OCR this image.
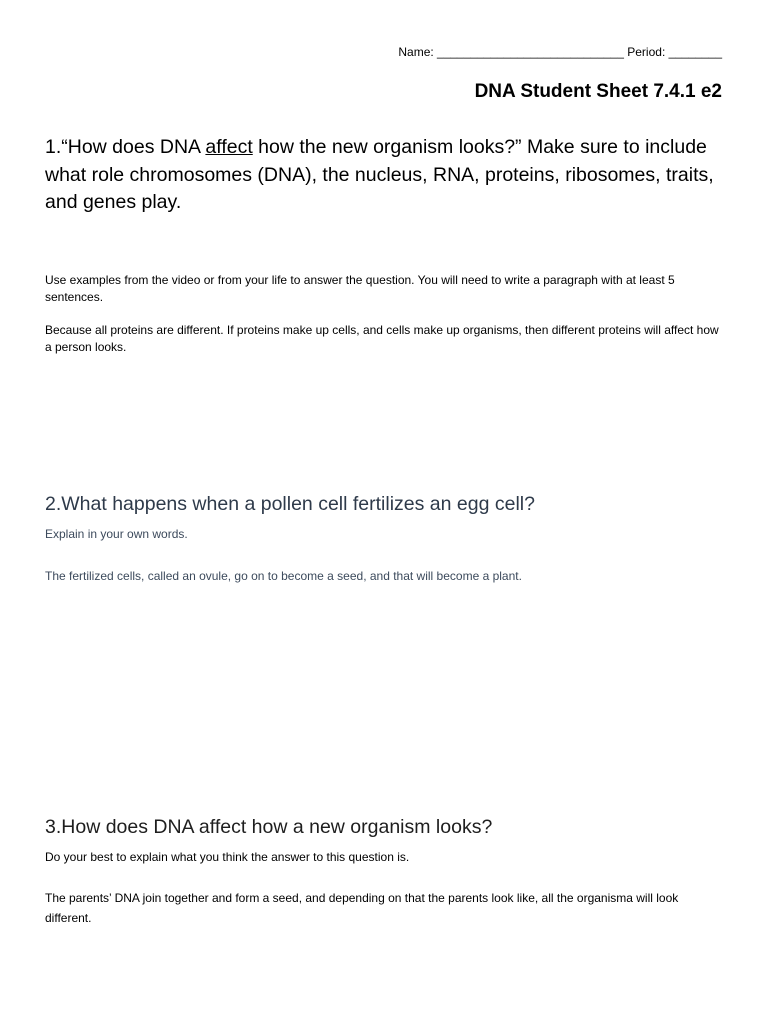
Name: ____________________________ Period: ________
DNA Student Sheet 7.4.1 e2
1.“How does DNA affect how the new organism looks?” Make sure to include what role chromosomes (DNA), the nucleus, RNA, proteins, ribosomes, traits, and genes play.
Use examples from the video or from your life to answer the question. You will need to write a paragraph with at least 5 sentences.
Because all proteins are different. If proteins make up cells, and cells make up organisms, then different proteins will affect how a person looks.
2.What happens when a pollen cell fertilizes an egg cell?
Explain in your own words.
The fertilized cells, called an ovule, go on to become a seed, and that will become a plant.
3.How does DNA affect how a new organism looks?
Do your best to explain what you think the answer to this question is.
The parents’ DNA join together and form a seed, and depending on that the parents look like, all the organisma will look different.
